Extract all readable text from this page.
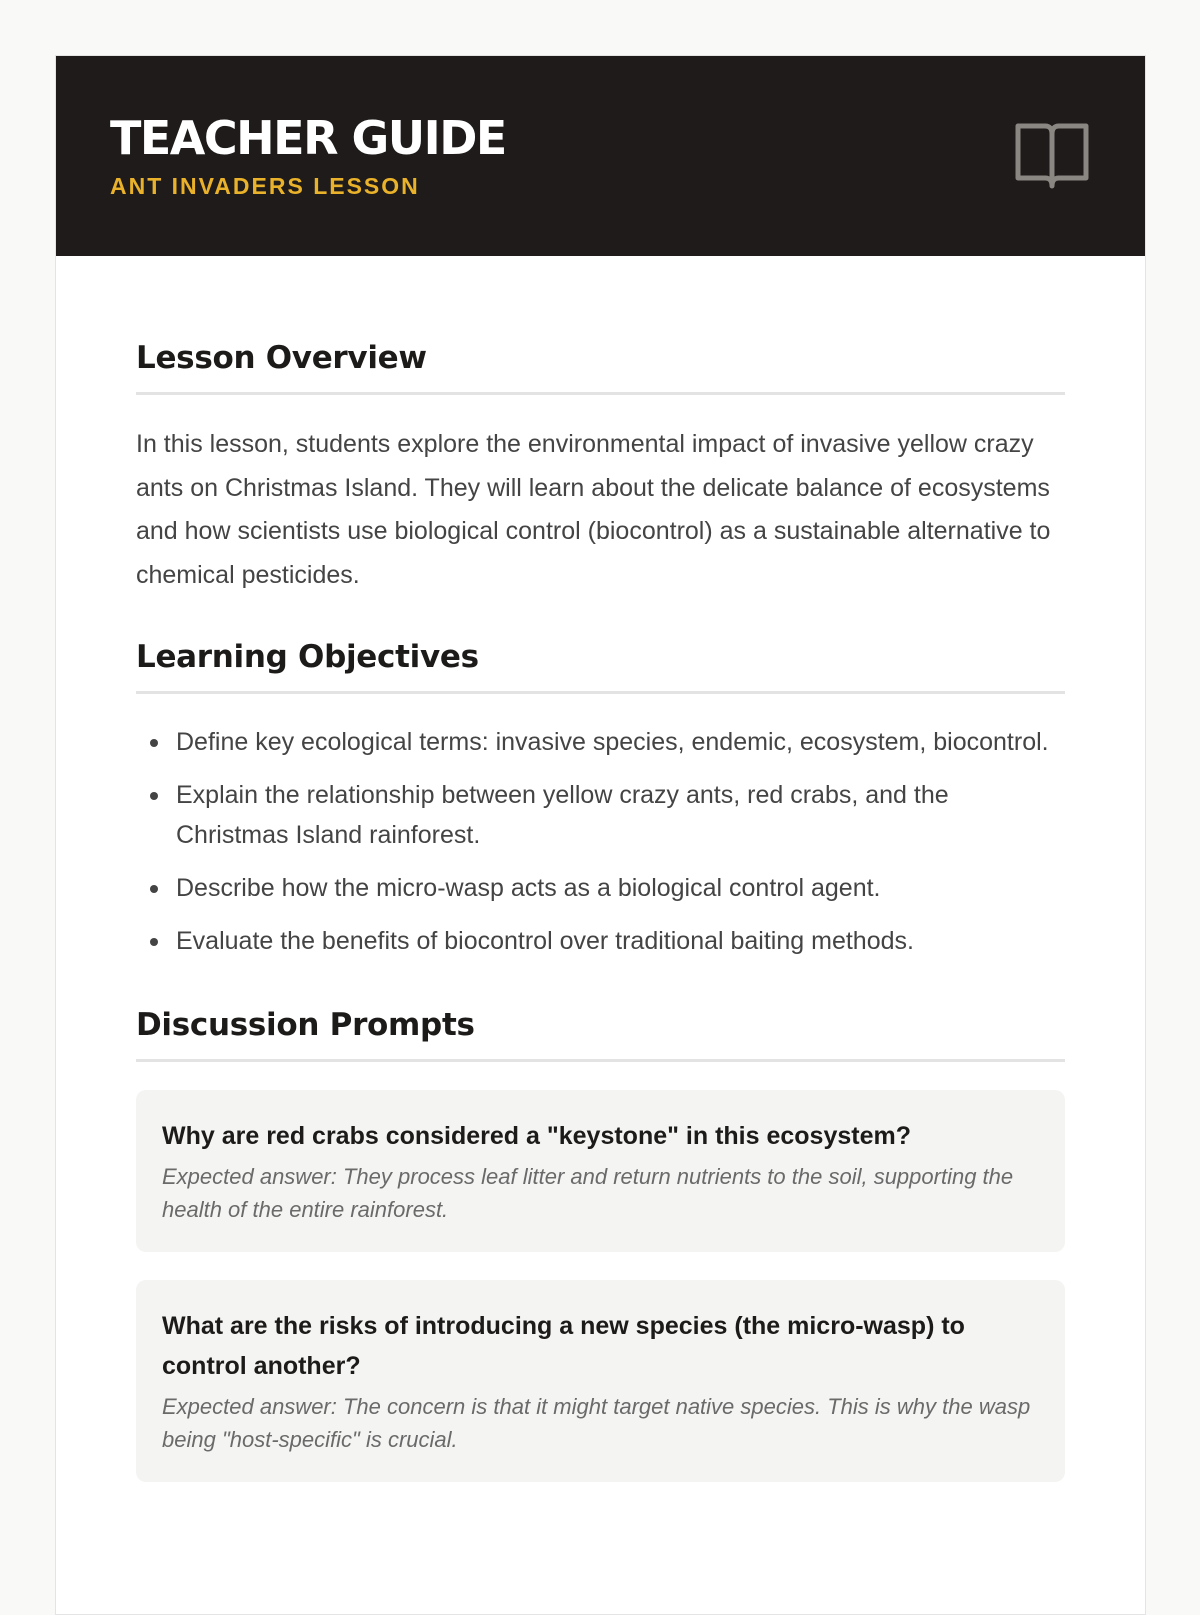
TEACHER GUIDE
ANT INVADERS LESSON
Lesson Overview

In this lesson, students explore the environmental impact of invasive yellow crazy ants on Christmas Island. They will learn about the delicate balance of ecosystems and how scientists use biological control (biocontrol) as a sustainable alternative to chemical pesticides.

Learning Objectives
Define key ecological terms: invasive species, endemic, ecosystem, biocontrol.
Explain the relationship between yellow crazy ants, red crabs, and the Christmas Island rainforest.
Describe how the micro-wasp acts as a biological control agent.
Evaluate the benefits of biocontrol over traditional baiting methods.
Discussion Prompts
Why are red crabs considered a "keystone" in this ecosystem?
Expected answer: They process leaf litter and return nutrients to the soil, supporting the health of the entire rainforest.
What are the risks of introducing a new species (the micro-wasp) to control another?
Expected answer: The concern is that it might target native species. This is why the wasp being "host-specific" is crucial.
